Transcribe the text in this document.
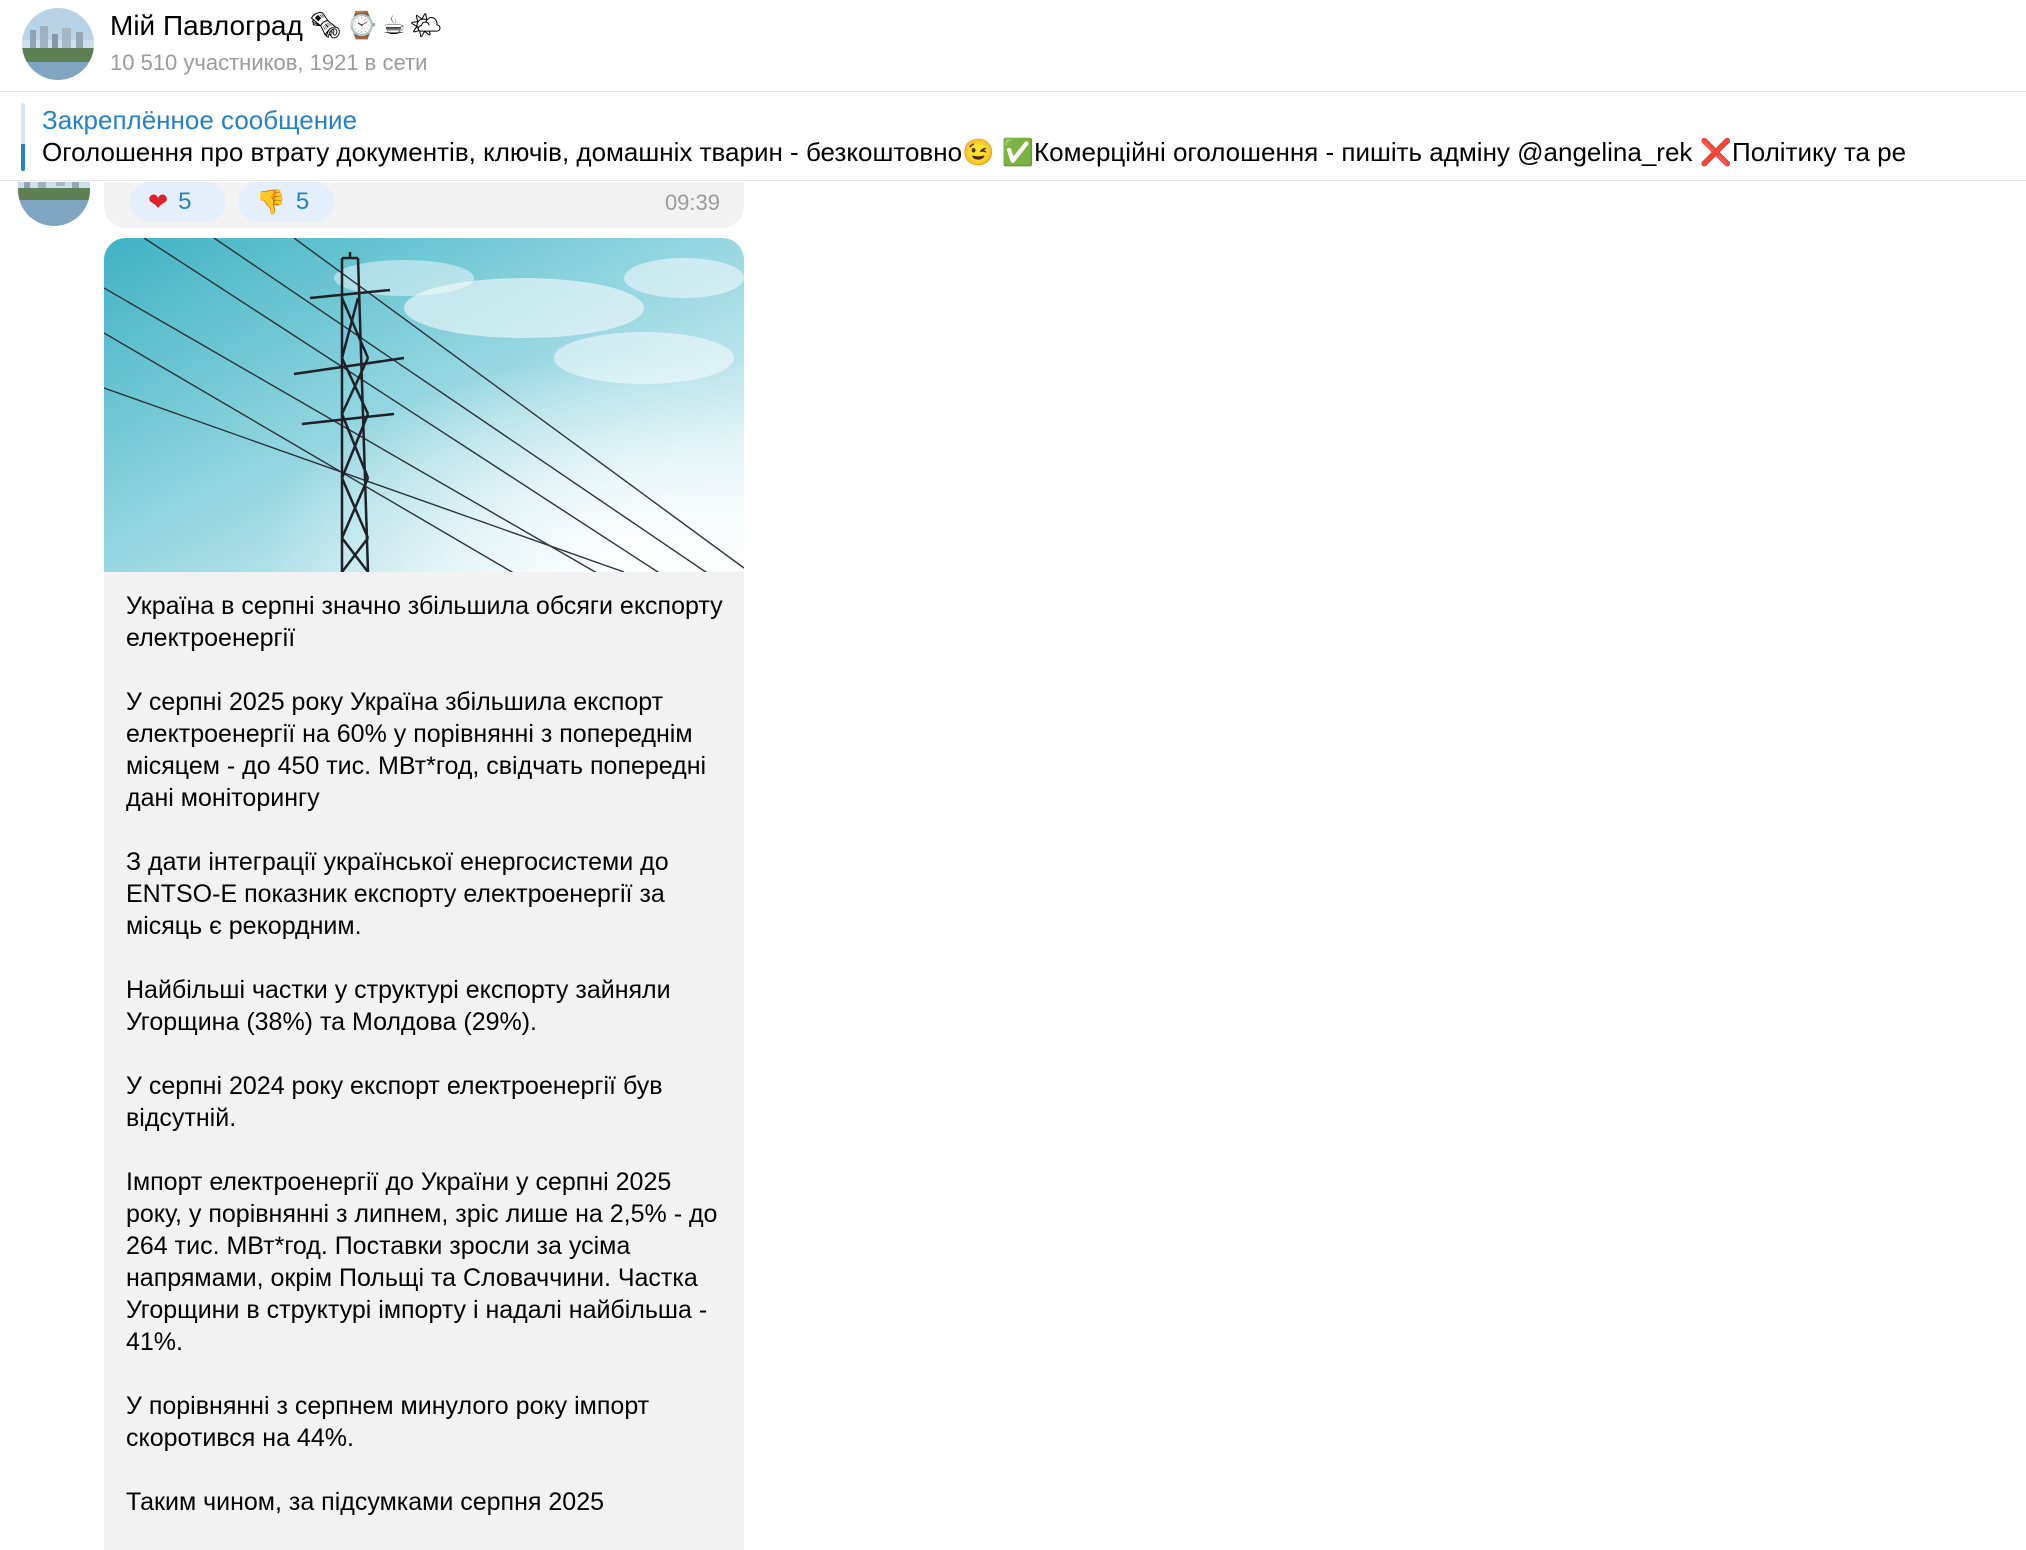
Мій Павлоград 🗞⌚☕🌤
10 510 участников, 1921 в сети
Закреплённое сообщение
Оголошення про втрату документів, ключів, домашніх тварин - безкоштовно😉 ✅Комерційні оголошення - пишіть адміну @angelina_rek ❌Політику та ре
❤ 5	👎 5	09:39

Україна в серпні значно збільшила обсяги експорту електроенергії

У серпні 2025 року Україна збільшила експорт електроенергії на 60% у порівнянні з попереднім місяцем - до 450 тис. МВт*год, свідчать попередні дані моніторингу

З дати інтеграції української енергосистеми до ENTSO-E показник експорту електроенергії за місяць є рекордним.

Найбільші частки у структурі експорту зайняли Угорщина (38%) та Молдова (29%).

У серпні 2024 року експорт електроенергії був відсутній.

Імпорт електроенергії до України у серпні 2025 року, у порівнянні з липнем, зріс лише на 2,5% - до 264 тис. МВт*год. Поставки зросли за усіма напрямами, окрім Польщі та Словаччини. Частка Угорщини в структурі імпорту і надалі найбільша - 41%.

У порівнянні з серпнем минулого року імпорт скоротився на 44%.

Таким чином, за підсумками серпня 2025
